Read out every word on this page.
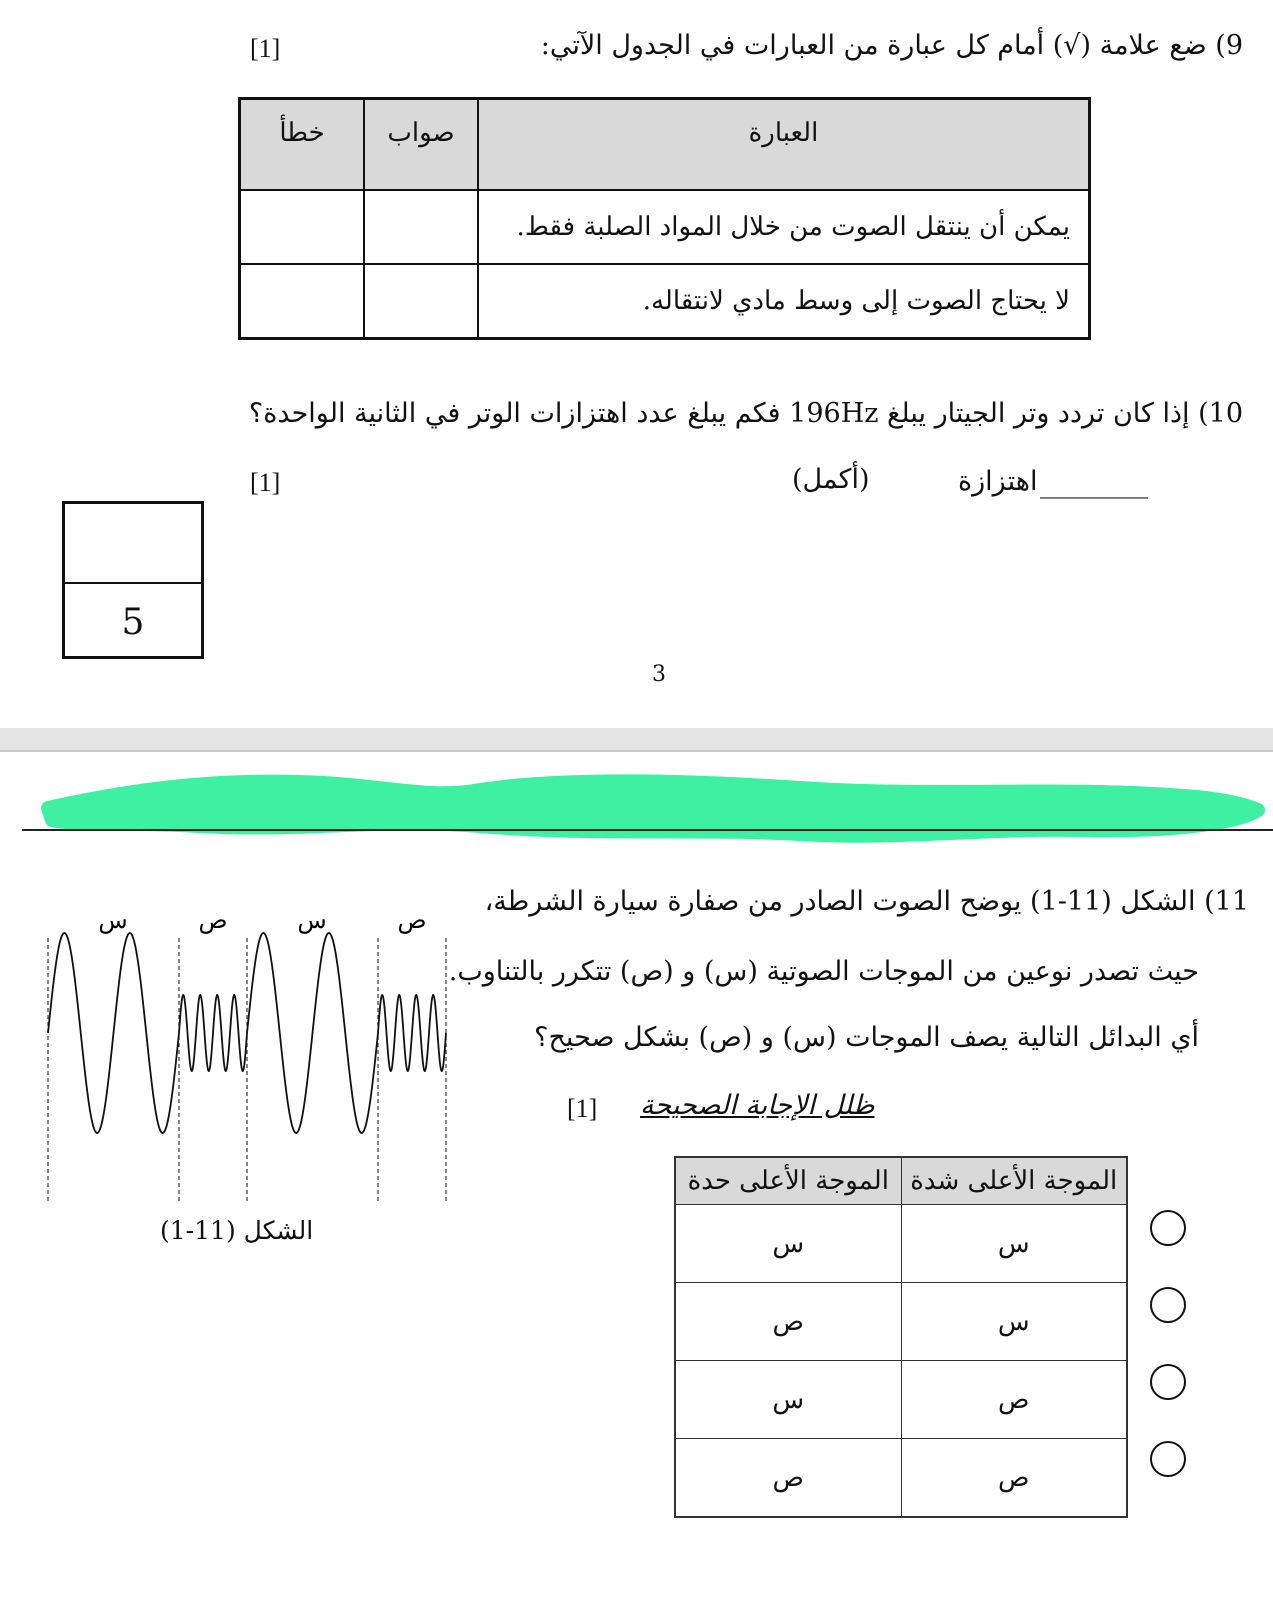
9) ضع علامة (√) أمام كل عبارة من العبارات في الجدول الآتي:
[1]
العبارة	صواب	خطأ
يمكن أن ينتقل الصوت من خلال المواد الصلبة فقط.		
لا يحتاج الصوت إلى وسط مادي لانتقاله.		
10) إذا كان تردد وتر الجيتار يبلغ 196Hz فكم يبلغ عدد اهتزازات الوتر في الثانية الواحدة؟
________
اهتزازة
(أكمل)
[1]
5
3
11) الشكل (11-1) يوضح الصوت الصادر من صفارة سيارة الشرطة،
حيث تصدر نوعين من الموجات الصوتية (س) و (ص) تتكرر بالتناوب.
أي البدائل التالية يصف الموجات (س) و (ص) بشكل صحيح؟
ظلل الإجابة الصحيحة
[1]
س	ص	س	ص
الشكل (11-1)
الموجة الأعلى شدة	الموجة الأعلى حدة
س	س
س	ص
ص	س
ص	ص
